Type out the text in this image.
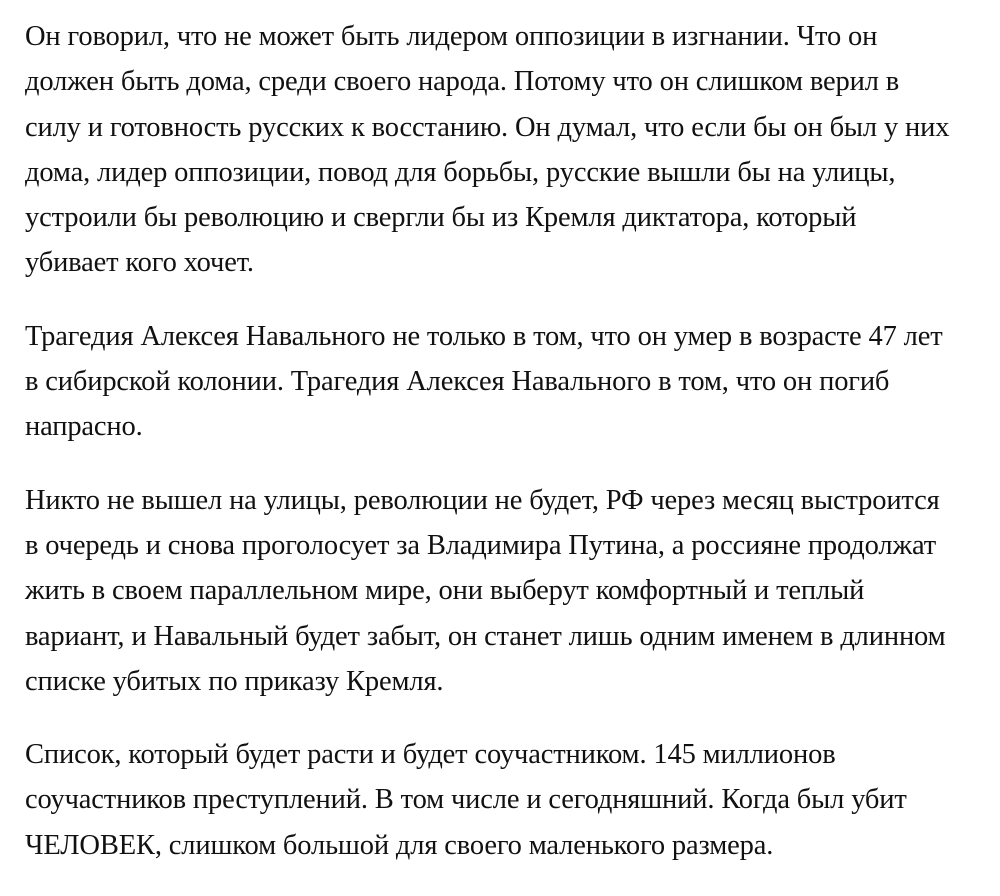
Он говорил, что не может быть лидером оппозиции в изгнании. Что он
должен быть дома, среди своего народа. Потому что он слишком верил в
силу и готовность русских к восстанию. Он думал, что если бы он был у них
дома, лидер оппозиции, повод для борьбы, русские вышли бы на улицы,
устроили бы революцию и свергли бы из Кремля диктатора, который
убивает кого хочет.

Трагедия Алексея Навального не только в том, что он умер в возрасте 47 лет
в сибирской колонии. Трагедия Алексея Навального в том, что он погиб
напрасно.

Никто не вышел на улицы, революции не будет, РФ через месяц выстроится
в очередь и снова проголосует за Владимира Путина, а россияне продолжат
жить в своем параллельном мире, они выберут комфортный и теплый
вариант, и Навальный будет забыт, он станет лишь одним именем в длинном
списке убитых по приказу Кремля.

Список, который будет расти и будет соучастником. 145 миллионов
соучастников преступлений. В том числе и сегодняшний. Когда был убит
ЧЕЛОВЕК, слишком большой для своего маленького размера.
